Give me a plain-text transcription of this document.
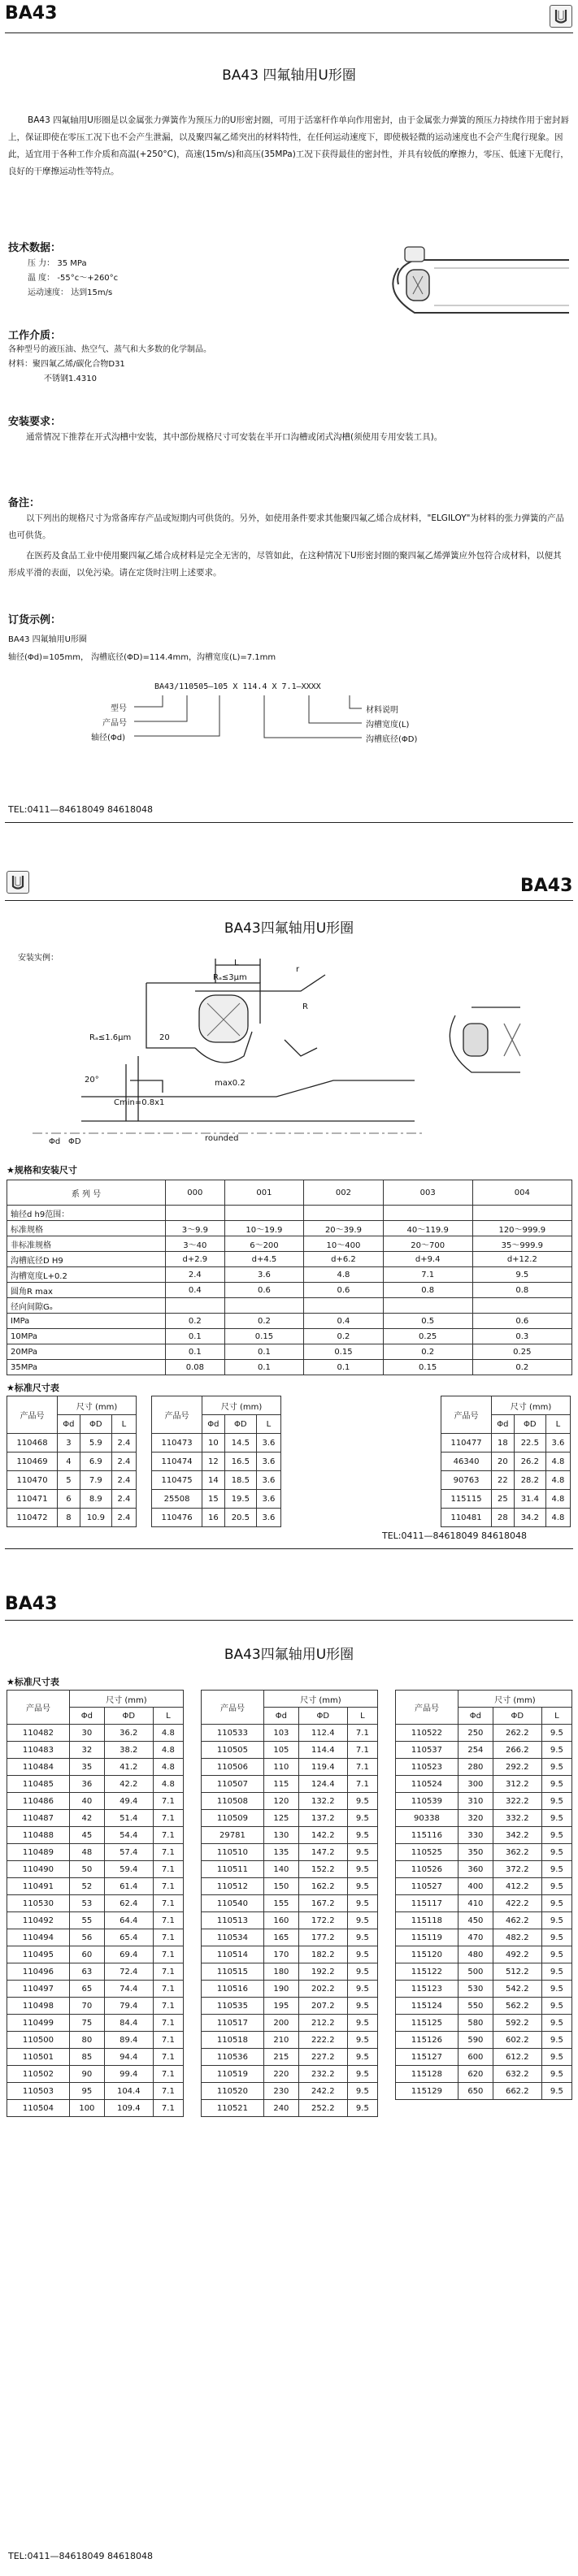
BA43
BA43 四氟轴用U形圈
BA43 四氟轴用U形圈是以金属张力弹簧作为预压力的U形密封圈，可用于活塞杆作单向作用密封，由于金属张力弹簧的预压力持续作用于密封唇上，保证即使在零压工况下也不会产生泄漏，以及聚四氟乙烯突出的材料特性，在任何运动速度下，即使极轻微的运动速度也不会产生爬行现象。因此，适宜用于各种工作介质和高温(+250°C)，高速(15m/s)和高压(35MPa)工况下获得最佳的密封性，并具有较低的摩擦力，零压、低速下无爬行，良好的干摩擦运动性等特点。
技术数据：
压 力： 35 MPa
温 度： -55°c～+260°c
运动速度： 达到15m/s
工作介质：
各种型号的液压油、热空气、蒸气和大多数的化学制品。
材料：聚四氟乙烯/碳化合物D31
不锈钢1.4310
安装要求：
通常情况下推荐在开式沟槽中安装，其中部份规格尺寸可安装在半开口沟槽或闭式沟槽(须使用专用安装工具)。
备注：
以下列出的规格尺寸为常备库存产品或短期内可供货的。另外，如使用条件要求其他聚四氟乙烯合成材料，"ELGILOY"为材料的张力弹簧的产品也可供货。
在医药及食品工业中使用聚四氟乙烯合成材料是完全无害的，尽管如此，在这种情况下U形密封圈的聚四氟乙烯弹簧应外包符合成材料，以便其形成平滑的表面，以免污染。请在定货时注明上述要求。
订货示例：
BA43 四氟轴用U形圈
轴径(Φd)=105mm， 沟槽底径(ΦD)=114.4mm，沟槽宽度(L)=7.1mm
BA43/110505—105 X 114.4 X 7.1—XXXX
型号
产品号
轴径(Φd)
材料说明
沟槽宽度(L)
沟槽底径(ΦD)
TEL:0411—84618049 84618048
BA43
BA43四氟轴用U形圈
安装实例：
L
r
Rₐ≤3μm
R
Rₐ≤1.6μm	20
20°	max0.2
Cmin=0.8x1
Φd ΦD	rounded
★规格和安装尺寸
系 列 号	000	001	002	003	004
轴径d h9范围：					
标准规格	3～9.9	10～19.9	20～39.9	40～119.9	120～999.9
非标准规格	3～40	6～200	10～400	20～700	35～999.9
沟槽底径D H9	d+2.9	d+4.5	d+6.2	d+9.4	d+12.2
沟槽宽度L+0.2	2.4	3.6	4.8	7.1	9.5
圆角R max	0.4	0.6	0.6	0.8	0.8
径向间隙Gₒ					
IMPa	0.2	0.2	0.4	0.5	0.6
10MPa	0.1	0.15	0.2	0.25	0.3
20MPa	0.1	0.1	0.15	0.2	0.25
35MPa	0.08	0.1	0.1	0.15	0.2
★标准尺寸表
产品号	尺寸 (mm)		
	Φd	ΦD	L
110468	3	5.9	2.4
110469	4	6.9	2.4
110470	5	7.9	2.4
110471	6	8.9	2.4
110472	8	10.9	2.4
产品号	尺寸 (mm)		
	Φd	ΦD	L
110473	10	14.5	3.6
110474	12	16.5	3.6
110475	14	18.5	3.6
25508	15	19.5	3.6
110476	16	20.5	3.6
产品号	尺寸 (mm)		
	Φd	ΦD	L
110477	18	22.5	3.6
46340	20	26.2	4.8
90763	22	28.2	4.8
115115	25	31.4	4.8
110481	28	34.2	4.8
TEL:0411—84618049 84618048
BA43
BA43四氟轴用U形圈
★标准尺寸表
产品号	尺寸 (mm)		
	Φd	ΦD	L
110482	30	36.2	4.8
110483	32	38.2	4.8
110484	35	41.2	4.8
110485	36	42.2	4.8
110486	40	49.4	7.1
110487	42	51.4	7.1
110488	45	54.4	7.1
110489	48	57.4	7.1
110490	50	59.4	7.1
110491	52	61.4	7.1
110530	53	62.4	7.1
110492	55	64.4	7.1
110494	56	65.4	7.1
110495	60	69.4	7.1
110496	63	72.4	7.1
110497	65	74.4	7.1
110498	70	79.4	7.1
110499	75	84.4	7.1
110500	80	89.4	7.1
110501	85	94.4	7.1
110502	90	99.4	7.1
110503	95	104.4	7.1
110504	100	109.4	7.1
产品号	尺寸 (mm)		
	Φd	ΦD	L
110533	103	112.4	7.1
110505	105	114.4	7.1
110506	110	119.4	7.1
110507	115	124.4	7.1
110508	120	132.2	9.5
110509	125	137.2	9.5
29781	130	142.2	9.5
110510	135	147.2	9.5
110511	140	152.2	9.5
110512	150	162.2	9.5
110540	155	167.2	9.5
110513	160	172.2	9.5
110534	165	177.2	9.5
110514	170	182.2	9.5
110515	180	192.2	9.5
110516	190	202.2	9.5
110535	195	207.2	9.5
110517	200	212.2	9.5
110518	210	222.2	9.5
110536	215	227.2	9.5
110519	220	232.2	9.5
110520	230	242.2	9.5
110521	240	252.2	9.5
产品号	尺寸 (mm)		
	Φd	ΦD	L
110522	250	262.2	9.5
110537	254	266.2	9.5
110523	280	292.2	9.5
110524	300	312.2	9.5
110539	310	322.2	9.5
90338	320	332.2	9.5
115116	330	342.2	9.5
110525	350	362.2	9.5
110526	360	372.2	9.5
110527	400	412.2	9.5
115117	410	422.2	9.5
115118	450	462.2	9.5
115119	470	482.2	9.5
115120	480	492.2	9.5
115122	500	512.2	9.5
115123	530	542.2	9.5
115124	550	562.2	9.5
115125	580	592.2	9.5
115126	590	602.2	9.5
115127	600	612.2	9.5
115128	620	632.2	9.5
115129	650	662.2	9.5
TEL:0411—84618049 84618048
